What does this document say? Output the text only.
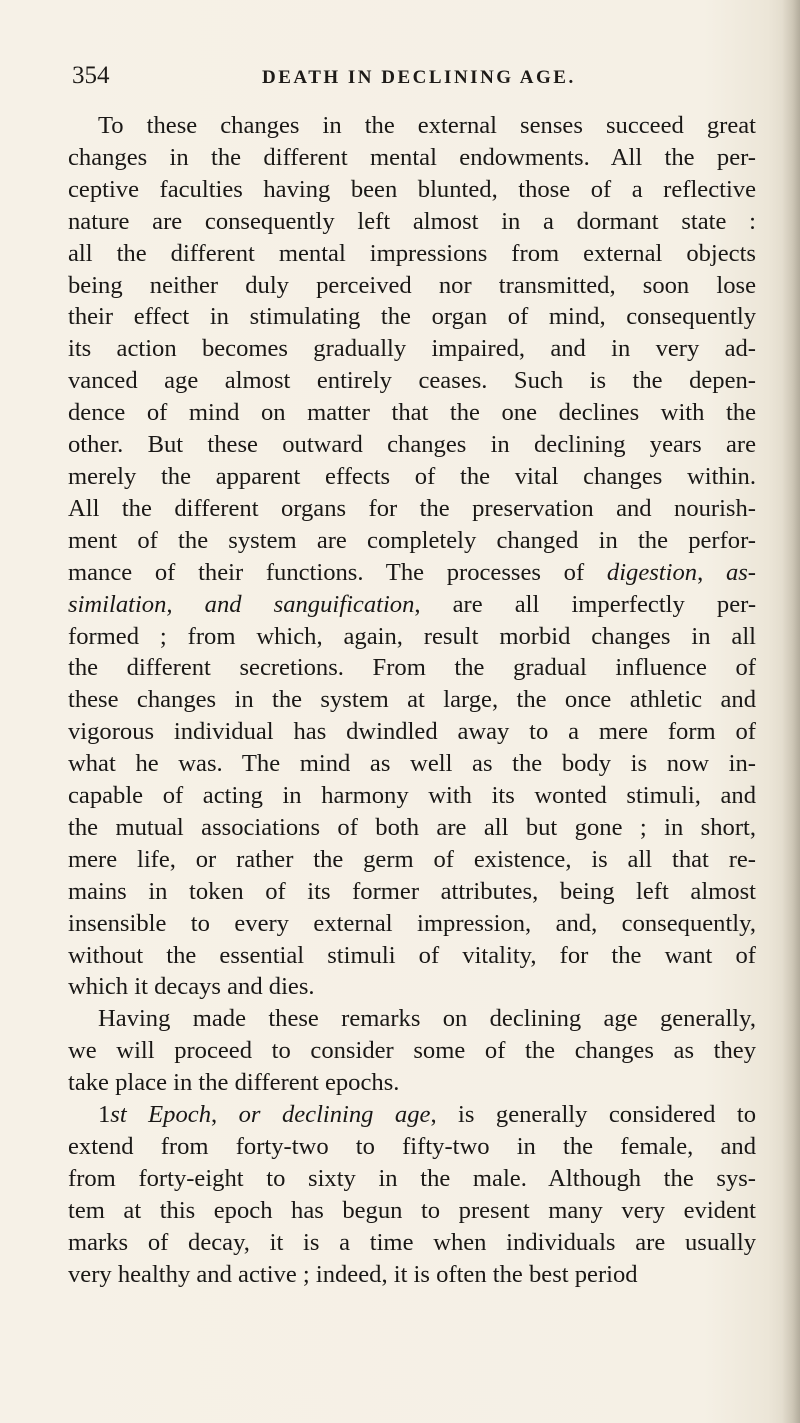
354	DEATH IN DECLINING AGE.
To these changes in the external senses succeed great
changes in the different mental endowments. All the per-
ceptive faculties having been blunted, those of a reflective
nature are consequently left almost in a dormant state :
all the different mental impressions from external objects
being neither duly perceived nor transmitted, soon lose
their effect in stimulating the organ of mind, consequently
its action becomes gradually impaired, and in very ad-
vanced age almost entirely ceases. Such is the depen-
dence of mind on matter that the one declines with the
other. But these outward changes in declining years are
merely the apparent effects of the vital changes within.
All the different organs for the preservation and nourish-
ment of the system are completely changed in the perfor-
mance of their functions. The processes of digestion, as-
similation, and sanguification, are all imperfectly per-
formed ; from which, again, result morbid changes in all
the different secretions. From the gradual influence of
these changes in the system at large, the once athletic and
vigorous individual has dwindled away to a mere form of
what he was. The mind as well as the body is now in-
capable of acting in harmony with its wonted stimuli, and
the mutual associations of both are all but gone ; in short,
mere life, or rather the germ of existence, is all that re-
mains in token of its former attributes, being left almost
insensible to every external impression, and, consequently,
without the essential stimuli of vitality, for the want of
which it decays and dies.
Having made these remarks on declining age generally,
we will proceed to consider some of the changes as they
take place in the different epochs.
1st Epoch, or declining age, is generally considered to
extend from forty-two to fifty-two in the female, and
from forty-eight to sixty in the male. Although the sys-
tem at this epoch has begun to present many very evident
marks of decay, it is a time when individuals are usually
very healthy and active ; indeed, it is often the best period
